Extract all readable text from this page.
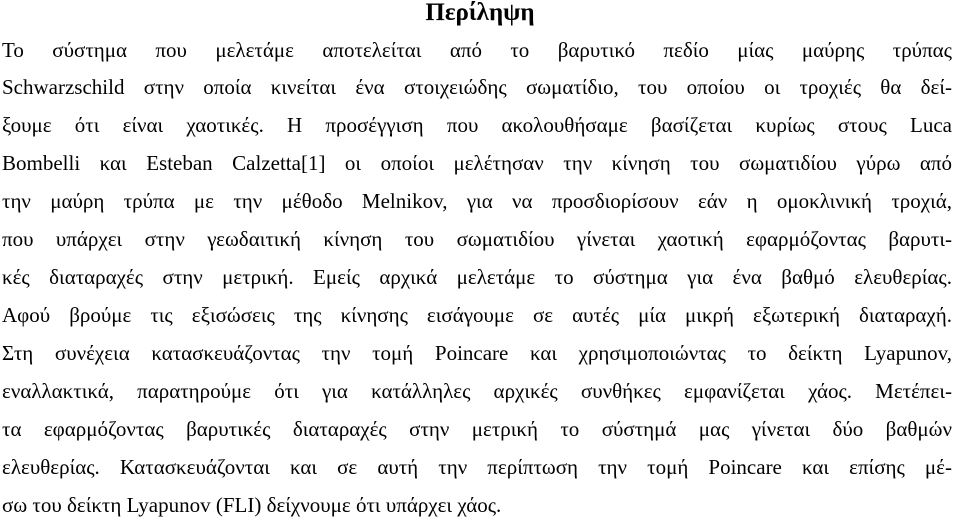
Περίληψη
Το σύστημα που μελετάμε αποτελείται από το βαρυτικό πεδίο μίας μαύρης τρύπας
Schwarzschild στην οποία κινείται ένα στοιχειώδης σωματίδιο, του οποίου οι τροχιές θα δεί-
ξουμε ότι είναι χαοτικές. Η προσέγγιση που ακολουθήσαμε βασίζεται κυρίως στους Luca
Bombelli και Esteban Calzetta[1] οι οποίοι μελέτησαν την κίνηση του σωματιδίου γύρω από
την μαύρη τρύπα με την μέθοδο Melnikov, για να προσδιορίσουν εάν η ομοκλινική τροχιά,
που υπάρχει στην γεωδαιτική κίνηση του σωματιδίου γίνεται χαοτική εφαρμόζοντας βαρυτι-
κές διαταραχές στην μετρική. Εμείς αρχικά μελετάμε το σύστημα για ένα βαθμό ελευθερίας.
Αφού βρούμε τις εξισώσεις της κίνησης εισάγουμε σε αυτές μία μικρή εξωτερική διαταραχή.
Στη συνέχεια κατασκευάζοντας την τομή Poincare και χρησιμοποιώντας το δείκτη Lyapunov,
εναλλακτικά, παρατηρούμε ότι για κατάλληλες αρχικές συνθήκες εμφανίζεται χάος. Μετέπει-
τα εφαρμόζοντας βαρυτικές διαταραχές στην μετρική το σύστημά μας γίνεται δύο βαθμών
ελευθερίας. Κατασκευάζονται και σε αυτή την περίπτωση την τομή Poincare και επίσης μέ-
σω του δείκτη Lyapunov (FLI) δείχνουμε ότι υπάρχει χάος.
